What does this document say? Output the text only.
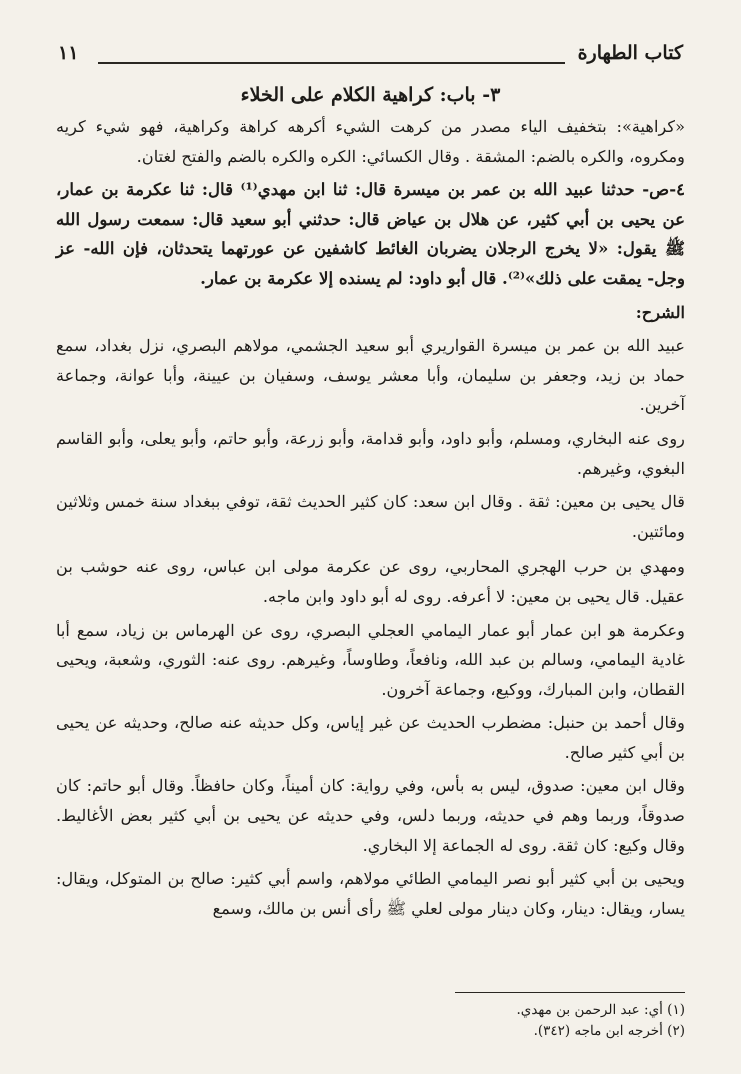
كتاب الطهارة
١١
٣- باب: كراهية الكلام على الخلاء

«كراهية»: بتخفيف الياء مصدر من كرهت الشيء أكرهه كراهة وكراهية، فهو شيء كريه ومكروه، والكره بالضم: المشقة . وقال الكسائي: الكره والكره بالضم والفتح لغتان.

٤-ص- حدثنا عبيد الله بن عمر بن ميسرة قال: ثنا ابن مهدي⁽¹⁾ قال: ثنا عكرمة بن عمار، عن يحيى بن أبي كثير، عن هلال بن عياض قال: حدثني أبو سعيد قال: سمعت رسول الله ﷺ يقول: «لا يخرج الرجلان يضربان الغائط كاشفين عن عورتهما يتحدثان، فإن الله- عز وجل- يمقت على ذلك»⁽²⁾. قال أبو داود: لم يسنده إلا عكرمة بن عمار.

الشرح:

عبيد الله بن عمر بن ميسرة القواريري أبو سعيد الجشمي، مولاهم البصري، نزل بغداد، سمع حماد بن زيد، وجعفر بن سليمان، وأبا معشر يوسف، وسفيان بن عيينة، وأبا عوانة، وجماعة آخرين.

روى عنه البخاري، ومسلم، وأبو داود، وأبو قدامة، وأبو زرعة، وأبو حاتم، وأبو يعلى، وأبو القاسم البغوي، وغيرهم.

قال يحيى بن معين: ثقة . وقال ابن سعد: كان كثير الحديث ثقة، توفي ببغداد سنة خمس وثلاثين ومائتين.

ومهدي بن حرب الهجري المحاربي، روى عن عكرمة مولى ابن عباس، روى عنه حوشب بن عقيل. قال يحيى بن معين: لا أعرفه. روى له أبو داود وابن ماجه.

وعكرمة هو ابن عمار أبو عمار اليمامي العجلي البصري، روى عن الهرماس بن زياد، سمع أبا غادية اليمامي، وسالم بن عبد الله، ونافعاً، وطاوساً، وغيرهم. روى عنه: الثوري، وشعبة، ويحيى القطان، وابن المبارك، ووكيع، وجماعة آخرون.

وقال أحمد بن حنبل: مضطرب الحديث عن غير إياس، وكل حديثه عنه صالح، وحديثه عن يحيى بن أبي كثير صالح.

وقال ابن معين: صدوق، ليس به بأس، وفي رواية: كان أميناً، وكان حافظاً. وقال أبو حاتم: كان صدوقاً، وربما وهم في حديثه، وربما دلس، وفي حديثه عن يحيى بن أبي كثير بعض الأغاليط. وقال وكيع: كان ثقة. روى له الجماعة إلا البخاري.

ويحيى بن أبي كثير أبو نصر اليمامي الطائي مولاهم، واسم أبي كثير: صالح بن المتوكل، ويقال: يسار، ويقال: دينار، وكان دينار مولى لعلي ﷺ رأى أنس بن مالك، وسمع

(١) أي: عبد الرحمن بن مهدي.

(٢) أخرجه ابن ماجه (٣٤٢).
